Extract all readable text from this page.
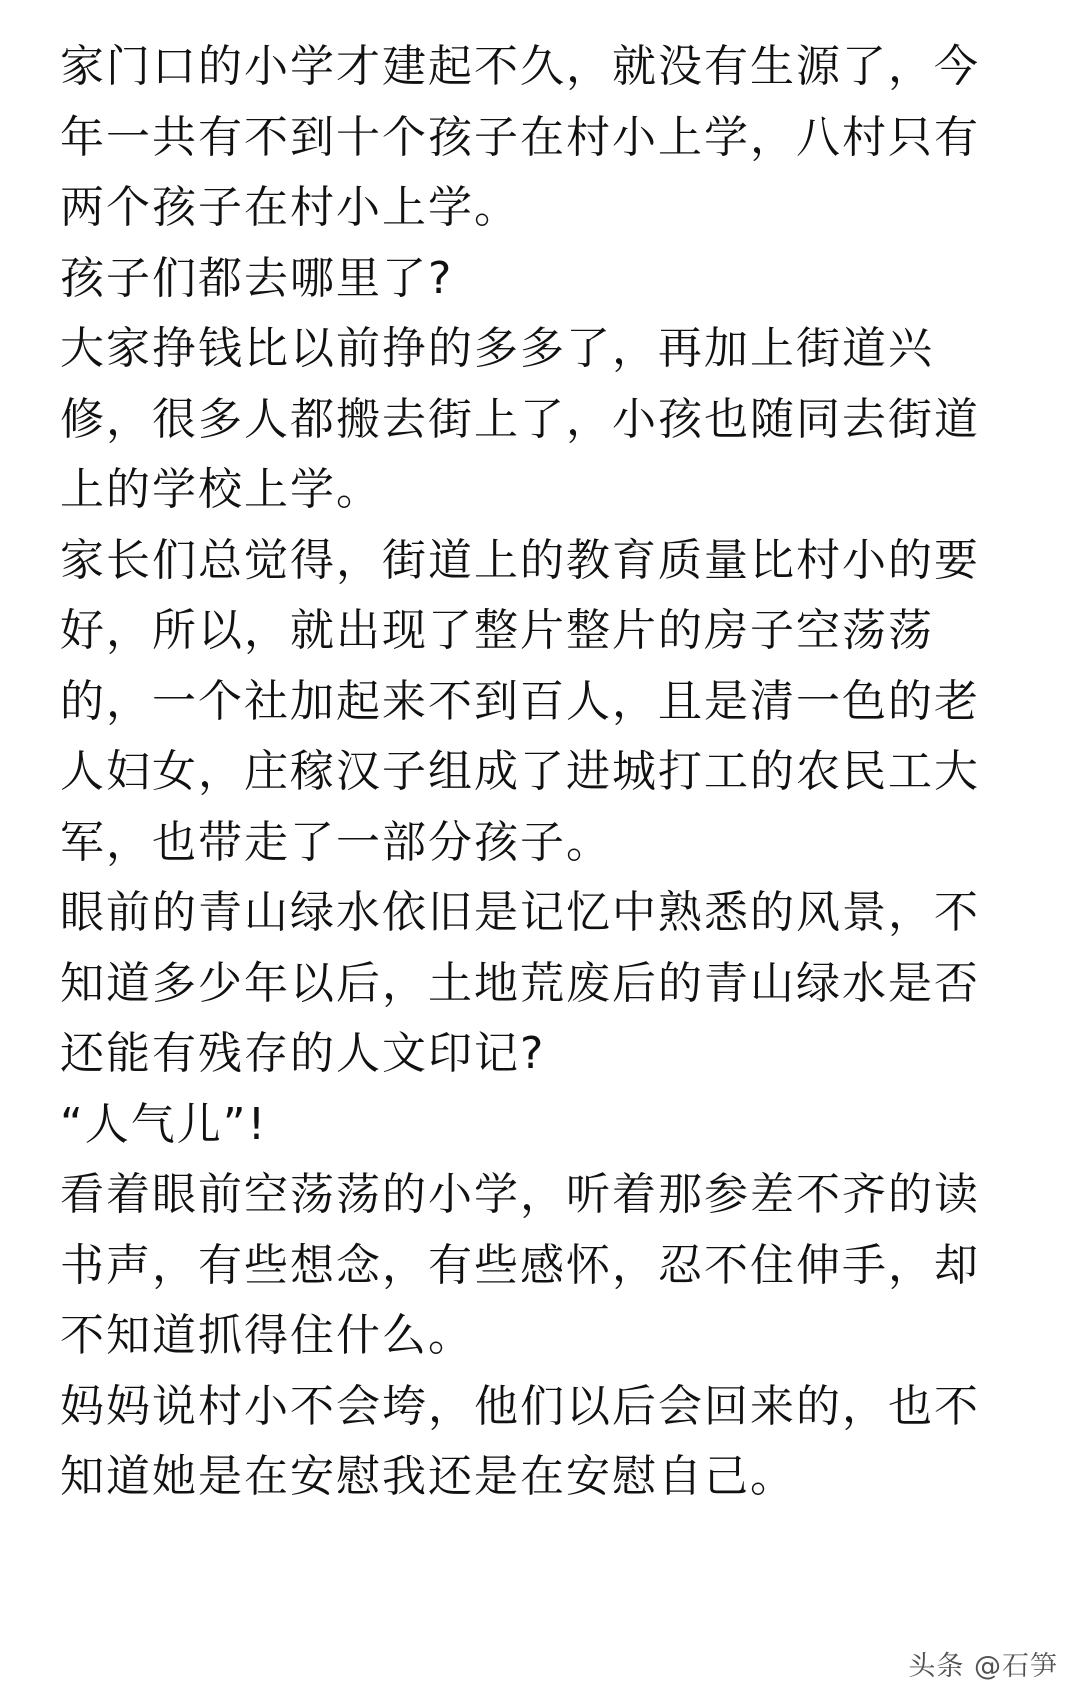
家门口的小学才建起不久，就没有生源了，今年一共有不到十个孩子在村小上学，八村只有两个孩子在村小上学。

孩子们都去哪里了?

大家挣钱比以前挣的多多了，再加上街道兴修，很多人都搬去街上了，小孩也随同去街道上的学校上学。

家长们总觉得，街道上的教育质量比村小的要好，所以，就出现了整片整片的房子空荡荡的，一个社加起来不到百人，且是清一色的老人妇女，庄稼汉子组成了进城打工的农民工大军，也带走了一部分孩子。

眼前的青山绿水依旧是记忆中熟悉的风景，不知道多少年以后，土地荒废后的青山绿水是否还能有残存的人文印记?

“人气儿”!

看着眼前空荡荡的小学，听着那参差不齐的读书声，有些想念，有些感怀，忍不住伸手，却不知道抓得住什么。

妈妈说村小不会垮，他们以后会回来的，也不知道她是在安慰我还是在安慰自己。

头条 @石笋
